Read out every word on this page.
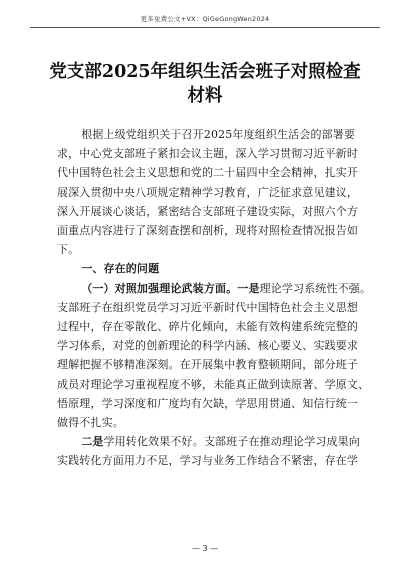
更多免费公文+VX：QiGeGongWen2024
党支部2025年组织生活会班子对照检查
材料

根据上级党组织关于召开2025年度组织生活会的部署要
求，中心党支部班子紧扣会议主题，深入学习贯彻习近平新时
代中国特色社会主义思想和党的二十届四中全会精神，扎实开
展深入贯彻中央八项规定精神学习教育，广泛征求意见建议，
深入开展谈心谈话，紧密结合支部班子建设实际，对照六个方
面重点内容进行了深刻查摆和剖析，现将对照检查情况报告如
下。

一、存在的问题

（一）对照加强理论武装方面。一是理论学习系统性不强。
支部班子在组织党员学习习近平新时代中国特色社会主义思想
过程中，存在零散化、碎片化倾向，未能有效构建系统完整的
学习体系，对党的创新理论的科学内涵、核心要义、实践要求
理解把握不够精准深刻。在开展集中教育整顿期间，部分班子
成员对理论学习重视程度不够，未能真正做到读原著、学原文、
悟原理，学习深度和广度均有欠缺，学思用贯通、知信行统一
做得不扎实。

二是学用转化效果不好。支部班子在推动理论学习成果向
实践转化方面用力不足，学习与业务工作结合不紧密，存在学

— 3 —
